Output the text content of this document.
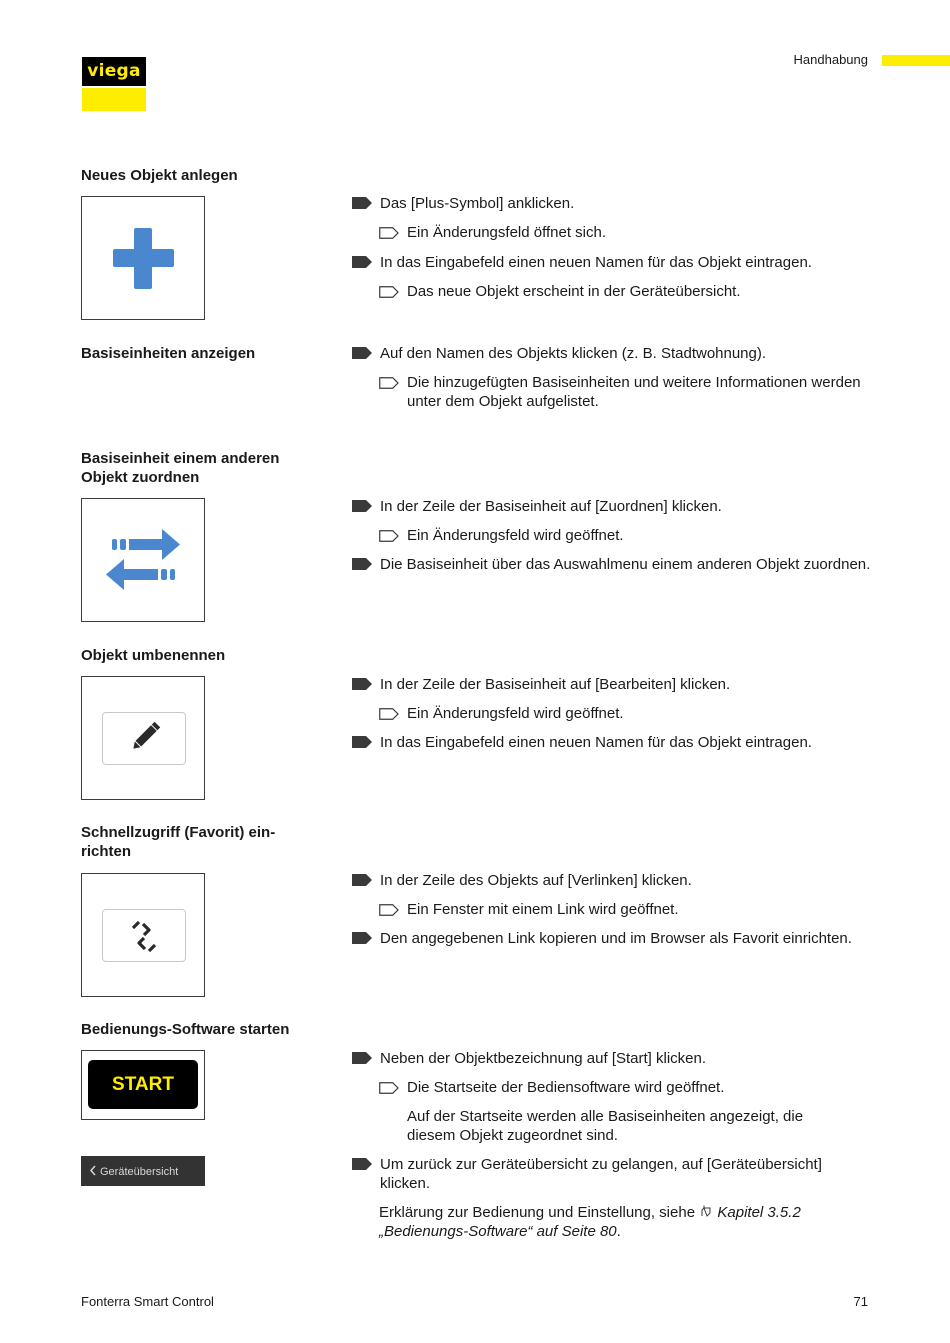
viega
Handhabung
Neues Objekt anlegen
Das [Plus-Symbol] anklicken.
Ein Änderungsfeld öffnet sich.
In das Eingabefeld einen neuen Namen für das Objekt eintragen.
Das neue Objekt erscheint in der Geräteübersicht.
Basiseinheiten anzeigen	Auf den Namen des Objekts klicken (z. B. Stadtwohnung).
Die hinzugefügten Basiseinheiten und weitere Informationen werden unter dem Objekt aufgelistet.
Basiseinheit einem anderen Objekt zuordnen
In der Zeile der Basiseinheit auf [Zuordnen] klicken.
Ein Änderungsfeld wird geöffnet.
Die Basiseinheit über das Auswahlmenu einem anderen Objekt zuordnen.
Objekt umbenennen
In der Zeile der Basiseinheit auf [Bearbeiten] klicken.
Ein Änderungsfeld wird geöffnet.
In das Eingabefeld einen neuen Namen für das Objekt eintragen.
Schnellzugriff (Favorit) einrichten
In der Zeile des Objekts auf [Verlinken] klicken.
Ein Fenster mit einem Link wird geöffnet.
Den angegebenen Link kopieren und im Browser als Favorit einrichten.
Bedienungs-Software starten
START
Geräteübersicht
Neben der Objektbezeichnung auf [Start] klicken.
Die Startseite der Bediensoftware wird geöffnet.
Auf der Startseite werden alle Basiseinheiten angezeigt, die diesem Objekt zugeordnet sind.
Um zurück zur Geräteübersicht zu gelangen, auf [Geräteübersicht] klicken.
Erklärung zur Bedienung und Einstellung, siehe Kapitel 3.5.2 „Bedienungs-Software“ auf Seite 80.
Fonterra Smart Control	71
